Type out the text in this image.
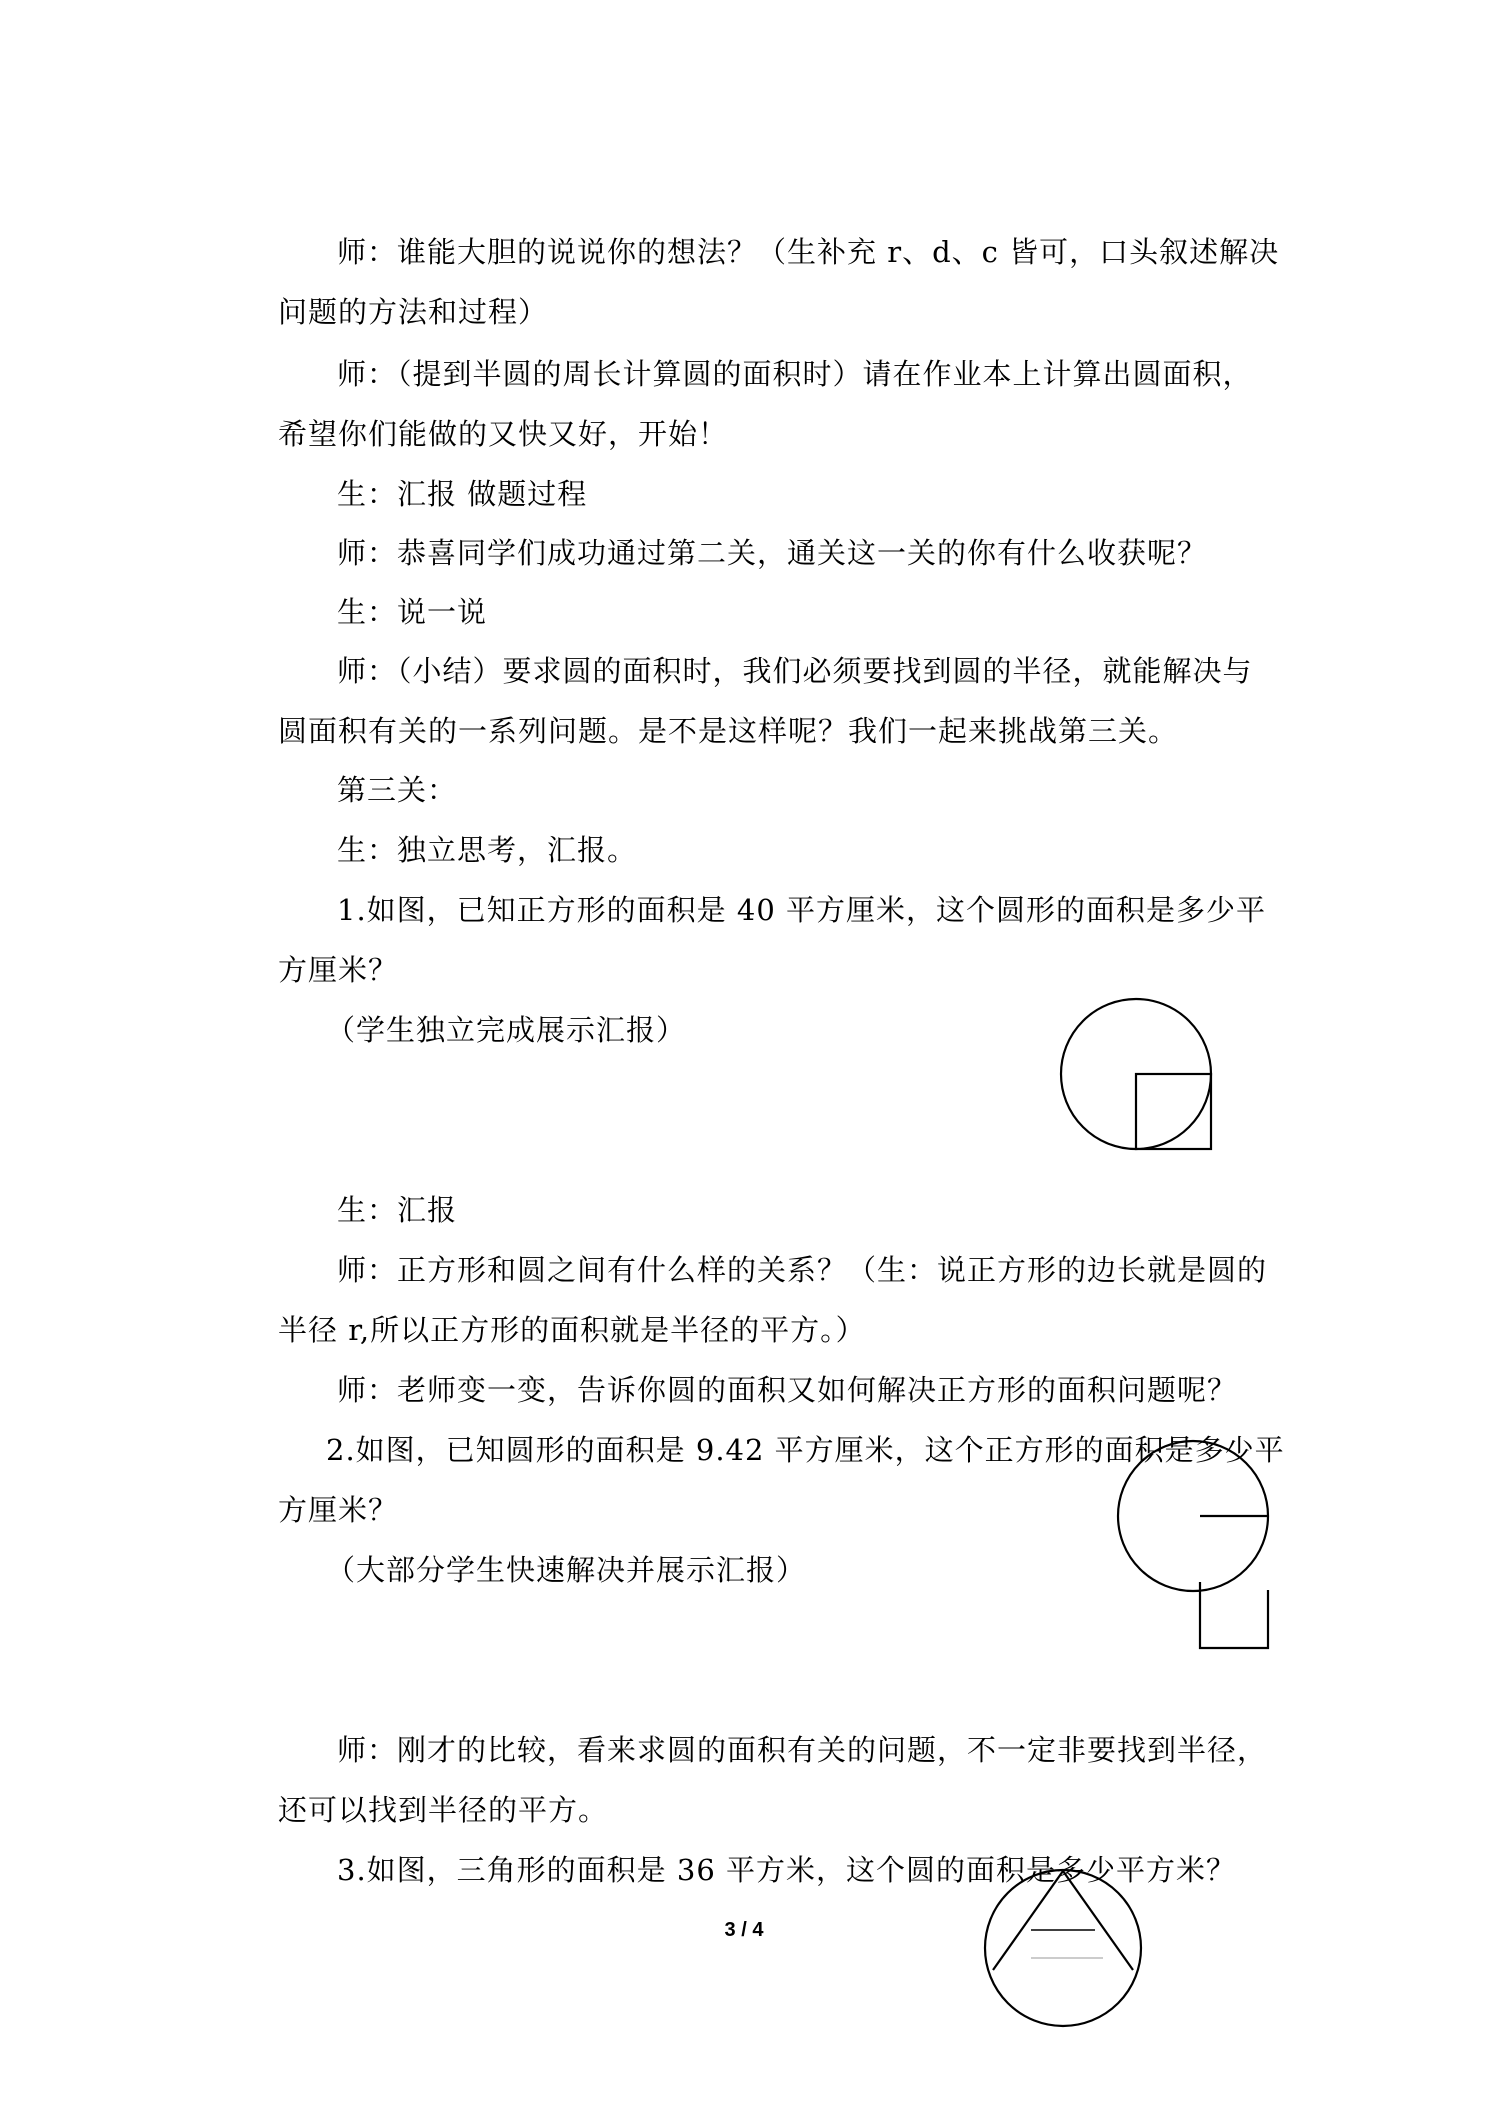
师：谁能大胆的说说你的想法？（生补充 r、d、c 皆可，口头叙述解决
问题的方法和过程）
师：（提到半圆的周长计算圆的面积时）请在作业本上计算出圆面积，
希望你们能做的又快又好，开始！
生：汇报 做题过程
师：恭喜同学们成功通过第二关，通关这一关的你有什么收获呢？
生：说一说
师：（小结）要求圆的面积时，我们必须要找到圆的半径，就能解决与
圆面积有关的一系列问题。是不是这样呢？我们一起来挑战第三关。
第三关：
生：独立思考，汇报。
1.如图，已知正方形的面积是 40 平方厘米，这个圆形的面积是多少平
方厘米？
（学生独立完成展示汇报）
生：汇报
师：正方形和圆之间有什么样的关系？（生：说正方形的边长就是圆的
半径 r,所以正方形的面积就是半径的平方。）
师：老师变一变，告诉你圆的面积又如何解决正方形的面积问题呢？
2.如图，已知圆形的面积是 9.42 平方厘米，这个正方形的面积是多少平
方厘米？
（大部分学生快速解决并展示汇报）
师：刚才的比较，看来求圆的面积有关的问题，不一定非要找到半径，
还可以找到半径的平方。
3.如图，三角形的面积是 36 平方米，这个圆的面积是多少平方米？
3 / 4
